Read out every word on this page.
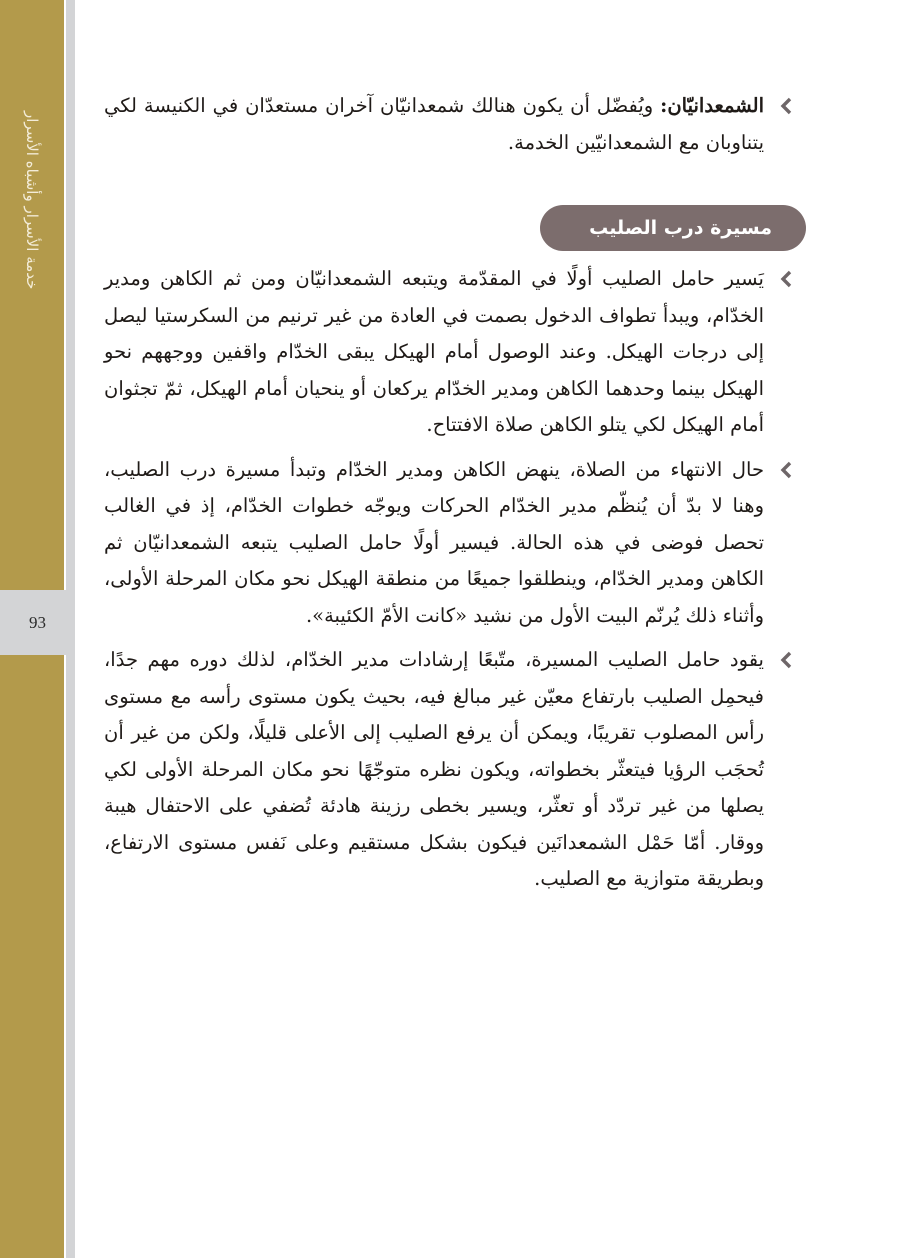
خدمة الأسرار وأشباه الأسرار
93
الشمعدانيّان: ويُفضّل أن يكون هنالك شمعدانيّان آخران مستعدّان في الكنيسة لكي يتناوبان مع الشمعدانيّين الخدمة.
مسيرة درب الصليب
يَسير حامل الصليب أولًا في المقدّمة ويتبعه الشمعدانيّان ومن ثم الكاهن ومدير الخدّام، ويبدأ تطواف الدخول بصمت في العادة من غير ترنيم من السكرستيا ليصل إلى درجات الهيكل. وعند الوصول أمام الهيكل يبقى الخدّام واقفين ووجههم نحو الهيكل بينما وحدهما الكاهن ومدير الخدّام يركعان أو ينحيان أمام الهيكل، ثمّ تجثوان أمام الهيكل لكي يتلو الكاهن صلاة الافتتاح.
حال الانتهاء من الصلاة، ينهض الكاهن ومدير الخدّام وتبدأ مسيرة درب الصليب، وهنا لا بدّ أن يُنظّم مدير الخدّام الحركات ويوجّه خطوات الخدّام، إذ في الغالب تحصل فوضى في هذه الحالة. فيسير أولًا حامل الصليب يتبعه الشمعدانيّان ثم الكاهن ومدير الخدّام، وينطلقوا جميعًا من منطقة الهيكل نحو مكان المرحلة الأولى، وأثناء ذلك يُرنّم البيت الأول من نشيد «كانت الأمّ الكئيبة».
يقود حامل الصليب المسيرة، متّبعًا إرشادات مدير الخدّام، لذلك دوره مهم جدًا، فيحمِل الصليب بارتفاع معيّن غير مبالغ فيه، بحيث يكون مستوى رأسه مع مستوى رأس المصلوب تقريبًا، ويمكن أن يرفع الصليب إلى الأعلى قليلًا، ولكن من غير أن تُحجَب الرؤيا فيتعثّر بخطواته، ويكون نظره متوجّهًا نحو مكان المرحلة الأولى لكي يصلها من غير تردّد أو تعثّر، ويسير بخطى رزينة هادئة تُضفي على الاحتفال هيبة ووقار. أمّا حَمْل الشمعدانَين فيكون بشكل مستقيم وعلى نَفس مستوى الارتفاع، وبطريقة متوازية مع الصليب.
